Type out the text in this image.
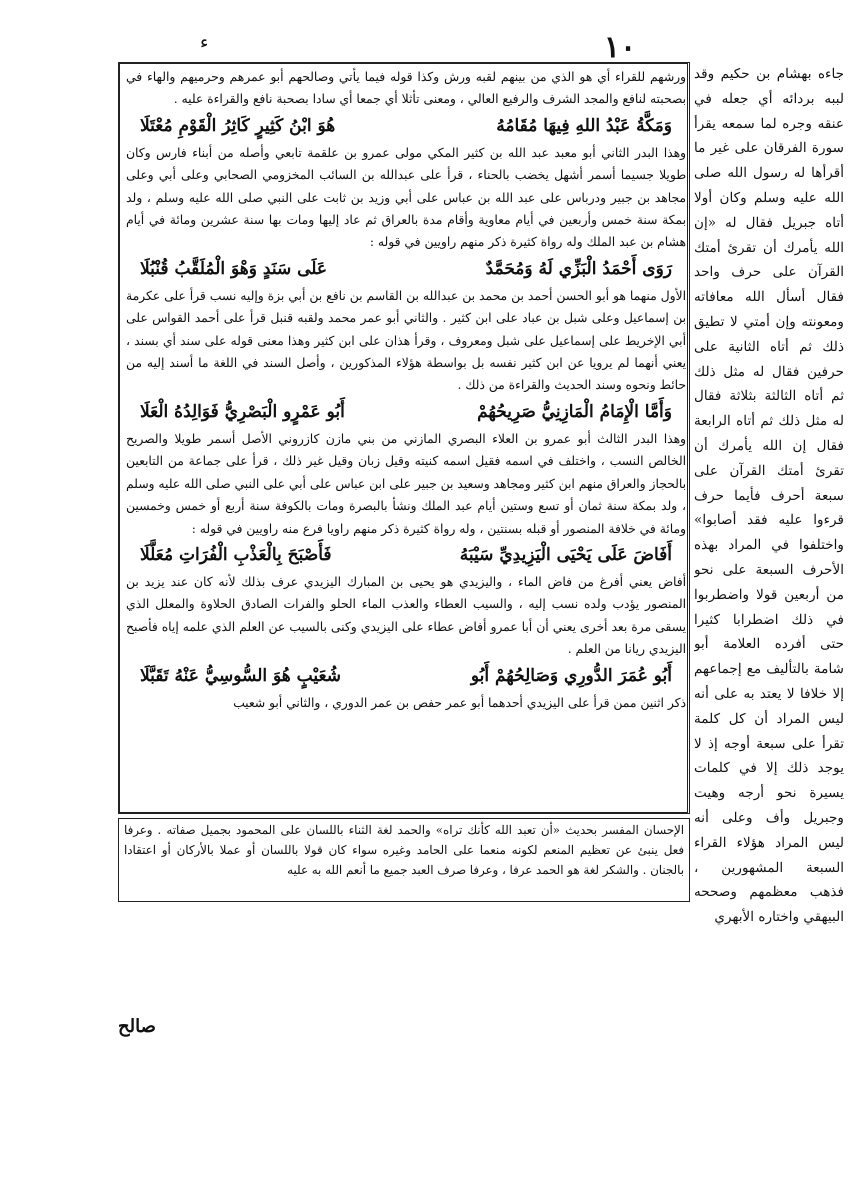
١٠
ﺀ

ورشهم للقراء أي هو الذي من بينهم لقبه ورش وكذا قوله فيما يأتي وصالحهم أبو عمرهم وحرميهم والهاء في بصحبته لنافع والمجد الشرف والرفيع العالي ، ومعنى تأثلا أي جمعا أي سادا بصحبة نافع والقراءة عليه .

وَمَكَّةُ عَبْدُ اللهِ فِيهَا مُقَامُهُ
هُوَ ابْنُ كَثِيرٍ كَاثِرُ الْقَوْمِ مُعْتَلَا

وهذا البدر الثاني أبو معبد عبد الله بن كثير المكي مولى عمرو بن علقمة تابعي وأصله من أبناء فارس وكان طويلا جسيما أسمر أشهل يخضب بالحناء ، قرأ على عبدالله بن السائب المخزومي الصحابي وعلى أبي وعلى مجاهد بن جبير ودرباس على عبد الله بن عباس على أبي وزيد بن ثابت على النبي صلى الله عليه وسلم ، ولد بمكة سنة خمس وأربعين في أيام معاوية وأقام مدة بالعراق ثم عاد إليها ومات بها سنة عشرين ومائة في أيام هشام بن عبد الملك وله رواة كثيرة ذكر منهم راويين في قوله :

رَوَى أَحْمَدُ الْبَزِّي لَهُ وَمُحَمَّدٌ
عَلَى سَنَدٍ وَهْوَ الْمُلَقَّبُ قُنْبُلَا

الأول منهما هو أبو الحسن أحمد بن محمد بن عبدالله بن القاسم بن نافع بن أبي بزة وإليه نسب قرأ على عكرمة بن إسماعيل وعلى شبل بن عباد على ابن كثير . والثاني أبو عمر محمد ولقبه قنبل قرأ على أحمد القواس على أبي الإخريط على إسماعيل على شبل ومعروف ، وقرأ هذان على ابن كثير وهذا معنى قوله على سند أي بسند ، يعني أنهما لم يرويا عن ابن كثير نفسه بل بواسطة هؤلاء المذكورين ، وأصل السند في اللغة ما أسند إليه من حائط ونحوه وسند الحديث والقراءة من ذلك .

وَأَمَّا الْإِمَامُ الْمَازِنِيُّ صَرِيحُهُمْ
أَبُو عَمْرٍو الْبَصْرِيُّ فَوَالِدُهُ الْعَلَا

وهذا البدر الثالث أبو عمرو بن العلاء البصري المازني من بني مازن كازروني الأصل أسمر طويلا والصريح الخالص النسب ، واختلف في اسمه فقيل اسمه كنيته وقيل زبان وقيل غير ذلك ، قرأ على جماعة من التابعين بالحجاز والعراق منهم ابن كثير ومجاهد وسعيد بن جبير على ابن عباس على أبي على النبي صلى الله عليه وسلم ، ولد بمكة سنة ثمان أو تسع وستين أيام عبد الملك ونشأ بالبصرة ومات بالكوفة سنة أربع أو خمس وخمسين ومائة في خلافة المنصور أو قبله بسنتين ، وله رواة كثيرة ذكر منهم راويا فرع منه راويين في قوله :

أَفَاضَ عَلَى يَحْيَى الْيَزِيدِيِّ سَيْبَهُ
فَأَصْبَحَ بِالْعَذْبِ الْفُرَاتِ مُعَلَّلَا

أفاض يعني أفرغ من فاض الماء ، واليزيدي هو يحيى بن المبارك اليزيدي عرف بذلك لأنه كان عند يزيد بن المنصور يؤدب ولده نسب إليه ، والسيب العطاء والعذب الماء الحلو والفرات الصادق الحلاوة والمعلل الذي يسقى مرة بعد أخرى يعني أن أبا عمرو أفاض عطاء على اليزيدي وكنى بالسيب عن العلم الذي علمه إياه فأصبح اليزيدي ريانا من العلم .

أَبُو عُمَرَ الدُّورِي وَصَالِحُهُمْ أَبُو
شُعَيْبٍ هُوَ السُّوسِيُّ عَنْهُ تَقَبَّلَا

ذكر اثنين ممن قرأ على اليزيدي أحدهما أبو عمر حفص بن عمر الدوري ، والثاني أبو شعيب

جاءه بهشام بن حكيم وقد لببه بردائه أي جعله في عنقه وجره لما سمعه يقرأ سورة الفرقان على غير ما أقرأها له رسول الله صلى الله عليه وسلم وكان أولا أتاه جبريل فقال له «إن الله يأمرك أن تقرئ أمتك القرآن على حرف واحد فقال أسأل الله معافاته ومعونته وإن أمتي لا تطيق ذلك ثم أتاه الثانية على حرفين فقال له مثل ذلك ثم أتاه الثالثة بثلاثة فقال له مثل ذلك ثم أتاه الرابعة فقال إن الله يأمرك أن تقرئ أمتك القرآن على سبعة أحرف فأيما حرف قرءوا عليه فقد أصابوا» واختلفوا في المراد بهذه الأحرف السبعة على نحو من أربعين قولا واضطربوا في ذلك اضطرابا كثيرا حتى أفرده العلامة أبو شامة بالتأليف مع إجماعهم إلا خلافا لا يعتد به على أنه ليس المراد أن كل كلمة تقرأ على سبعة أوجه إذ لا يوجد ذلك إلا في كلمات يسيرة نحو أرجه وهيت وجبريل وأف وعلى أنه ليس المراد هؤلاء القراء السبعة المشهورين ، فذهب معظمهم وصححه البيهقي واختاره الأبهري

الإحسان المفسر بحديث «أن تعبد الله كأنك تراه» والحمد لغة الثناء باللسان على المحمود بجميل صفاته . وعرفا فعل ينبئ عن تعظيم المنعم لكونه منعما على الحامد وغيره سواء كان قولا باللسان أو عملا بالأركان أو اعتقادا بالجنان . والشكر لغة هو الحمد عرفا ، وعرفا صرف العبد جميع ما أنعم الله به عليه

صالح
